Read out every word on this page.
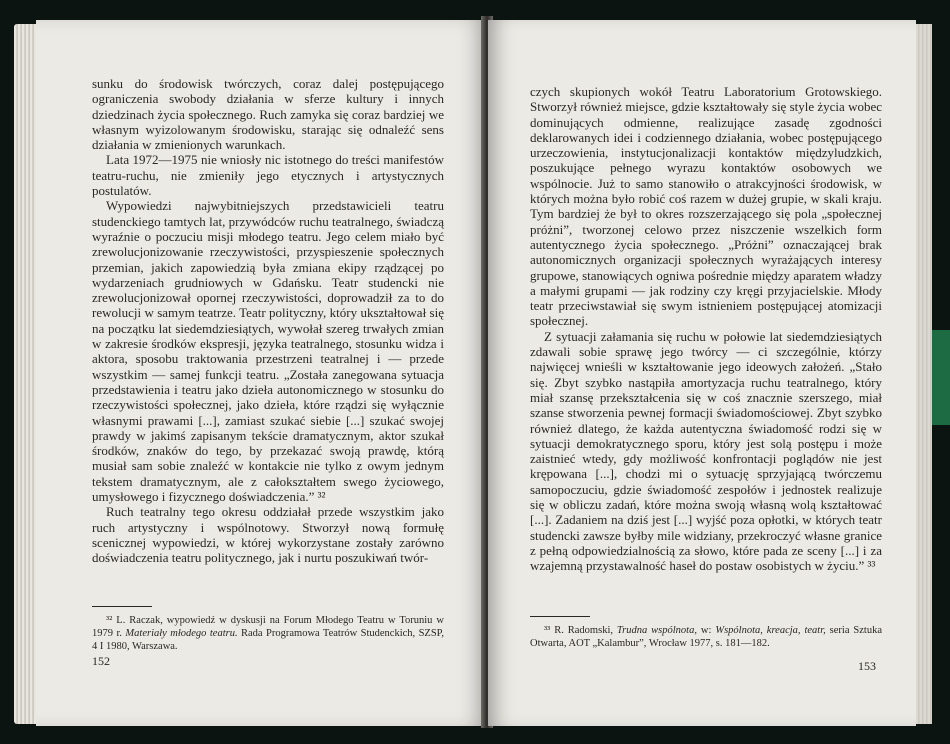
sunku do środowisk twórczych, coraz dalej postępującego ograniczenia swobody działania w sferze kultury i innych dziedzinach życia społecznego. Ruch zamyka się coraz bardziej we własnym wyizolowanym środowisku, starając się odnaleźć sens działania w zmienionych warunkach.

Lata 1972—1975 nie wniosły nic istotnego do treści manifestów teatru-ruchu, nie zmieniły jego etycznych i artystycznych postulatów.

Wypowiedzi najwybitniejszych przedstawicieli teatru studenckiego tamtych lat, przywódców ruchu teatralnego, świadczą wyraźnie o poczuciu misji młodego teatru. Jego celem miało być zrewolucjonizowanie rzeczywistości, przyspieszenie społecznych przemian, jakich zapowiedzią była zmiana ekipy rządzącej po wydarzeniach grudniowych w Gdańsku. Teatr studencki nie zrewolucjonizował opornej rzeczywistości, doprowadził za to do rewolucji w samym teatrze. Teatr polityczny, który ukształtował się na początku lat siedemdziesiątych, wywołał szereg trwałych zmian w zakresie środków ekspresji, języka teatralnego, stosunku widza i aktora, sposobu traktowania przestrzeni teatralnej i — przede wszystkim — samej funkcji teatru. „Została zanegowana sytuacja przedstawienia i teatru jako dzieła autonomicznego w stosunku do rzeczywistości społecznej, jako dzieła, które rządzi się wyłącznie własnymi prawami [...], zamiast szukać siebie [...] szukać swojej prawdy w jakimś zapisanym tekście dramatycznym, aktor szukał środków, znaków do tego, by przekazać swoją prawdę, którą musiał sam sobie znaleźć w kontakcie nie tylko z owym jednym tekstem dramatycznym, ale z całokształtem swego życiowego, umysłowego i fizycznego doświadczenia.” ³²

Ruch teatralny tego okresu oddziałał przede wszystkim jako ruch artystyczny i wspólnotowy. Stworzył nową formułę scenicznej wypowiedzi, w której wykorzystane zostały zarówno doświadczenia teatru politycznego, jak i nurtu poszukiwań twór-

³² L. Raczak, wypowiedź w dyskusji na Forum Młodego Teatru w Toruniu w 1979 r. Materiały młodego teatru. Rada Programowa Teatrów Studenckich, SZSP, 4 I 1980, Warszawa.

152

czych skupionych wokół Teatru Laboratorium Grotowskiego. Stworzył również miejsce, gdzie kształtowały się style życia wobec dominujących odmienne, realizujące zasadę zgodności deklarowanych idei i codziennego działania, wobec postępującego urzeczowienia, instytucjonalizacji kontaktów międzyludzkich, poszukujące pełnego wyrazu kontaktów osobowych we wspólnocie. Już to samo stanowiło o atrakcyjności środowisk, w których można było robić coś razem w dużej grupie, w skali kraju. Tym bardziej że był to okres rozszerzającego się pola „społecznej próżni”, tworzonej celowo przez niszczenie wszelkich form autentycznego życia społecznego. „Próżni” oznaczającej brak autonomicznych organizacji społecznych wyrażających interesy grupowe, stanowiących ogniwa pośrednie między aparatem władzy a małymi grupami — jak rodziny czy kręgi przyjacielskie. Młody teatr przeciwstawiał się swym istnieniem postępującej atomizacji społecznej.

Z sytuacji załamania się ruchu w połowie lat siedemdziesiątych zdawali sobie sprawę jego twórcy — ci szczególnie, którzy najwięcej wnieśli w kształtowanie jego ideowych założeń. „Stało się. Zbyt szybko nastąpiła amortyzacja ruchu teatralnego, który miał szansę przekształcenia się w coś znacznie szerszego, miał szanse stworzenia pewnej formacji świadomościowej. Zbyt szybko również dlatego, że każda autentyczna świadomość rodzi się w sytuacji demokratycznego sporu, który jest solą postępu i może zaistnieć wtedy, gdy możliwość konfrontacji poglądów nie jest krępowana [...], chodzi mi o sytuację sprzyjającą twórczemu samopoczuciu, gdzie świadomość zespołów i jednostek realizuje się w obliczu zadań, które można swoją własną wolą kształtować [...]. Zadaniem na dziś jest [...] wyjść poza opłotki, w których teatr studencki zawsze byłby mile widziany, przekroczyć własne granice z pełną odpowiedzialnością za słowo, które pada ze sceny [...] i za wzajemną przystawalność haseł do postaw osobistych w życiu.” ³³

³³ R. Radomski, Trudna wspólnota, w: Wspólnota, kreacja, teatr, seria Sztuka Otwarta, AOT „Kalambur”, Wrocław 1977, s. 181—182.

153
